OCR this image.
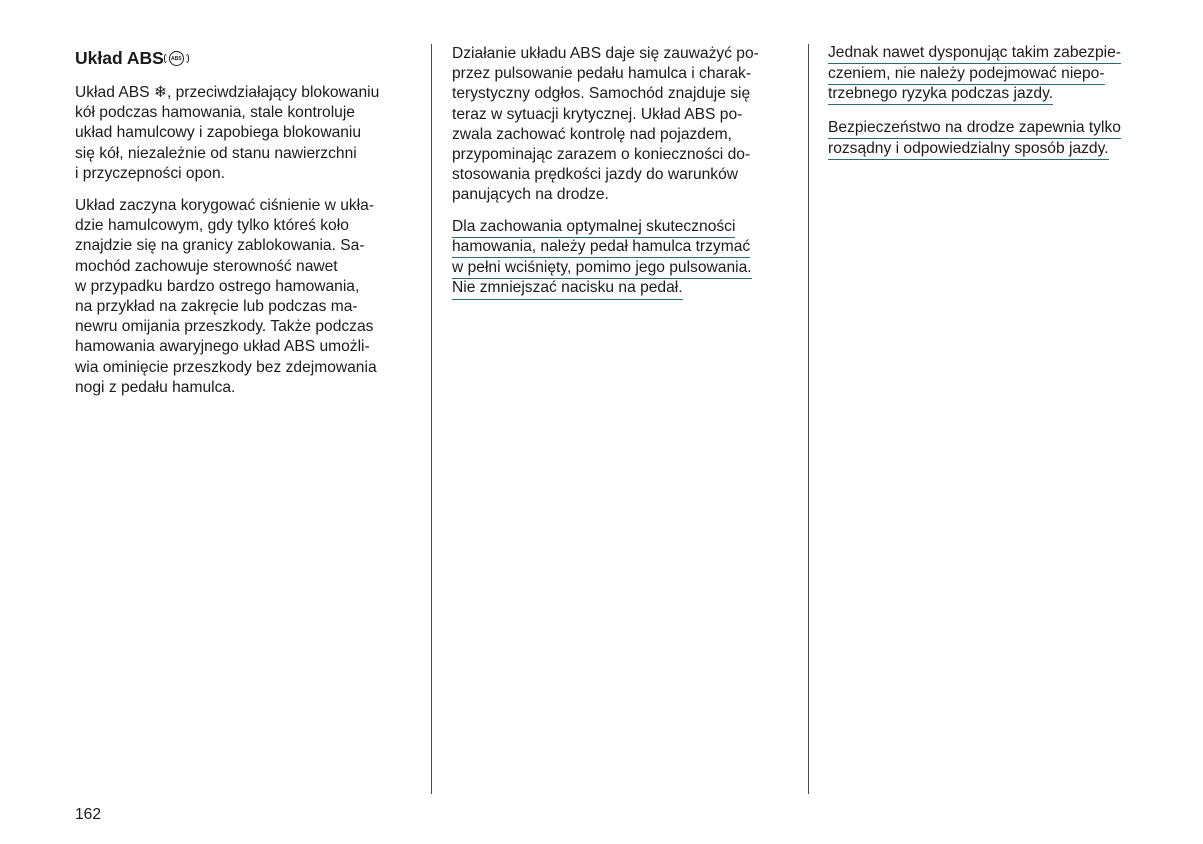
Układ ABS	ABS
Układ ABS ❄, przeciwdziałający blokowaniu
kół podczas hamowania, stale kontroluje
układ hamulcowy i zapobiega blokowaniu
się kół, niezależnie od stanu nawierzchni
i przyczepności opon.
Układ zaczyna korygować ciśnienie w ukła-
dzie hamulcowym, gdy tylko któreś koło
znajdzie się na granicy zablokowania. Sa-
mochód zachowuje sterowność nawet
w przypadku bardzo ostrego hamowania,
na przykład na zakręcie lub podczas ma-
newru omijania przeszkody. Także podczas
hamowania awaryjnego układ ABS umożli-
wia ominięcie przeszkody bez zdejmowania
nogi z pedału hamulca.
Działanie układu ABS daje się zauważyć po-
przez pulsowanie pedału hamulca i charak-
terystyczny odgłos. Samochód znajduje się
teraz w sytuacji krytycznej. Układ ABS po-
zwala zachować kontrolę nad pojazdem,
przypominając zarazem o konieczności do-
stosowania prędkości jazdy do warunków
panujących na drodze.
Dla zachowania optymalnej skuteczności
hamowania, należy pedał hamulca trzymać
w pełni wciśnięty, pomimo jego pulsowania.
Nie zmniejszać nacisku na pedał.
Jednak nawet dysponując takim zabezpie-
czeniem, nie należy podejmować niepo-
trzebnego ryzyka podczas jazdy.
Bezpieczeństwo na drodze zapewnia tylko
rozsądny i odpowiedzialny sposób jazdy.
162
